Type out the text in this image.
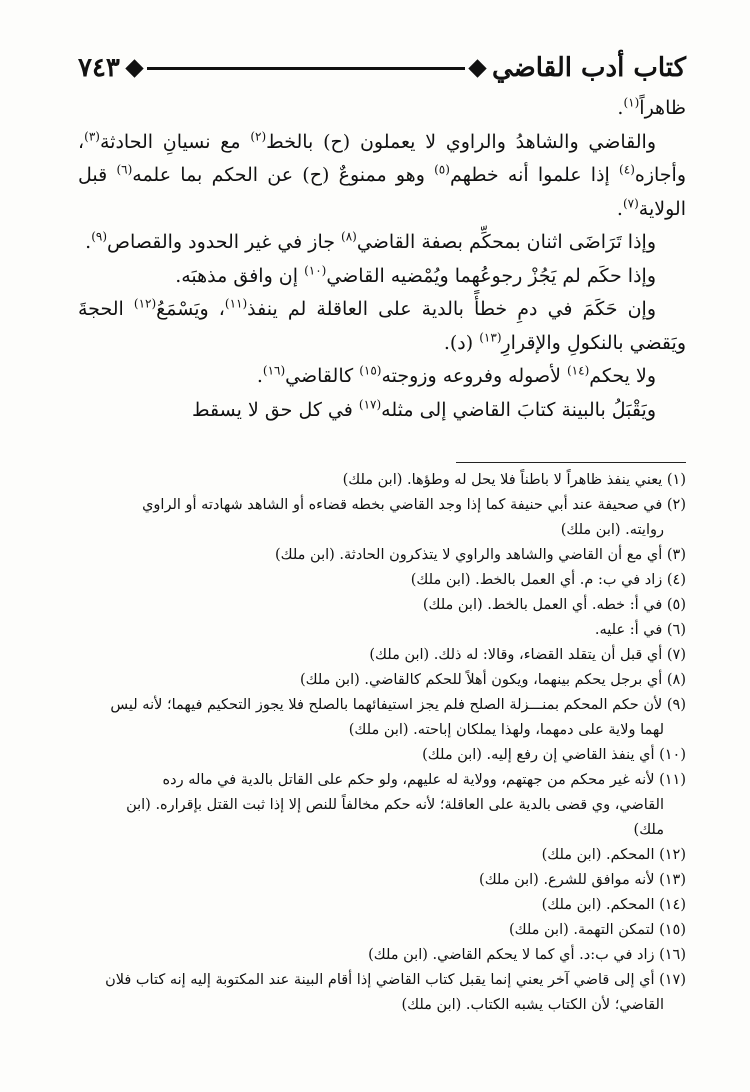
٧٤٣	كتاب أدب القاضي

ظاهراً$^{(١)}$.

والقاضي والشاهدُ والراوي لا يعملون (ح) بالخط$^{(٢)}$ مع نسيانِ الحادثة$^{(٣)}$، وأجازه$^{(٤)}$ إذا علموا أنه خطهم$^{(٥)}$ وهو ممنوعٌ (ح) عن الحكم بما علمه$^{(٦)}$ قبل الولاية$^{(٧)}$.

وإذا تَرَاضَى اثنان بمحكِّم بصفة القاضي$^{(٨)}$ جاز في غير الحدود والقصاص$^{(٩)}$.

وإذا حكَم لم يَجُزْ رجوعُهما ويُمْضيه القاضي$^{(١٠)}$ إن وافق مذهبَه.

وإن حَكَمَ في دمِ خطأً بالدية على العاقلة لم ينفذ$^{(١١)}$، ويَسْمَعُ$^{(١٢)}$ الحجةَ ويَقضي بالنكولِ والإقرارِ$^{(١٣)}$ (د).

ولا يحكم$^{(١٤)}$ لأصوله وفروعه وزوجته$^{(١٥)}$ كالقاضي$^{(١٦)}$.

ويَقْبَلُ بالبينة كتابَ القاضي إلى مثله$^{(١٧)}$ في كل حق لا يسقط

(١) يعني ينفذ ظاهراً لا باطناً فلا يحل له وطؤها. (ابن ملك)

(٢) في صحيفة عند أبي حنيفة كما إذا وجد القاضي بخطه قضاءه أو الشاهد شهادته أو الراوي

روايته. (ابن ملك)

(٣) أي مع أن القاضي والشاهد والراوي لا يتذكرون الحادثة. (ابن ملك)

(٤) زاد في ب: م. أي العمل بالخط. (ابن ملك)

(٥) في أ: خطه. أي العمل بالخط. (ابن ملك)

(٦) في أ: عليه.

(٧) أي قبل أن يتقلد القضاء، وقالا: له ذلك. (ابن ملك)

(٨) أي برجل يحكم بينهما، ويكون أهلاً للحكم كالقاضي. (ابن ملك)

(٩) لأن حكم المحكم بمنـــزلة الصلح فلم يجز استيفائهما بالصلح فلا يجوز التحكيم فيهما؛ لأنه ليس

لهما ولاية على دمهما، ولهذا يملكان إباحته. (ابن ملك)

(١٠) أي ينفذ القاضي إن رفع إليه. (ابن ملك)

(١١) لأنه غير محكم من جهتهم، وولاية له عليهم، ولو حكم على القاتل بالدية في ماله رده

القاضي، وي قضى بالدية على العاقلة؛ لأنه حكم مخالفاً للنص إلا إذا ثبت القتل بإقراره. (ابن

ملك)

(١٢) المحكم. (ابن ملك)

(١٣) لأنه موافق للشرع. (ابن ملك)

(١٤) المحكم. (ابن ملك)

(١٥) لتمكن التهمة. (ابن ملك)

(١٦) زاد في ب:د. أي كما لا يحكم القاضي. (ابن ملك)

(١٧) أي إلى قاضي آخر يعني إنما يقبل كتاب القاضي إذا أقام البينة عند المكتوبة إليه إنه كتاب فلان

القاضي؛ لأن الكتاب يشبه الكتاب. (ابن ملك)
